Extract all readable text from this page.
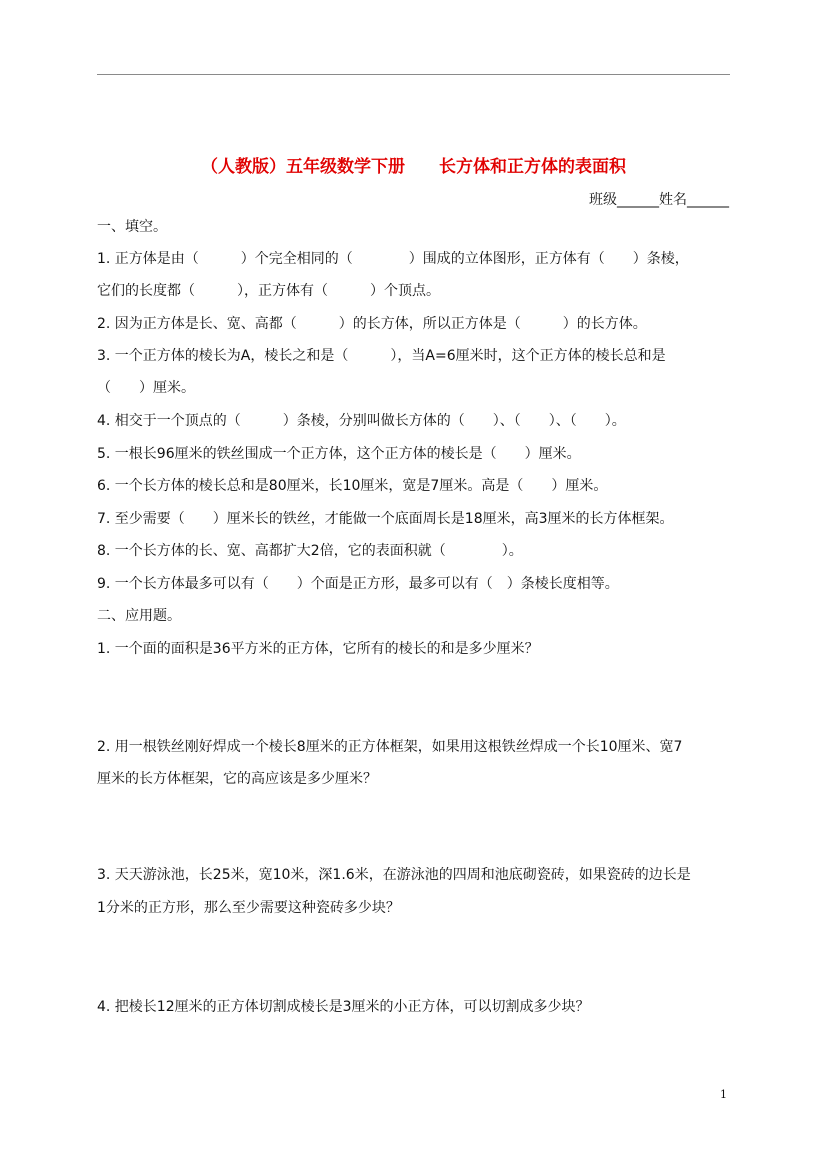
（人教版）五年级数学下册　　长方体和正方体的表面积
班级______姓名______
一、填空。
1. 正方体是由（　　　）个完全相同的（　　　　）围成的立体图形，正方体有（　　）条棱，
它们的长度都（　　　），正方体有（　　　）个顶点。
2. 因为正方体是长、宽、高都（　　　）的长方体，所以正方体是（　　　）的长方体。
3. 一个正方体的棱长为A，棱长之和是（　　　），当A=6厘米时，这个正方体的棱长总和是
（　　）厘米。
4. 相交于一个顶点的（　　　）条棱，分别叫做长方体的（　　）、（　　）、（　　）。
5. 一根长96厘米的铁丝围成一个正方体，这个正方体的棱长是（　　）厘米。
6. 一个长方体的棱长总和是80厘米，长10厘米，宽是7厘米。高是（　　）厘米。
7. 至少需要（　　）厘米长的铁丝，才能做一个底面周长是18厘米，高3厘米的长方体框架。
8. 一个长方体的长、宽、高都扩大2倍，它的表面积就（　　　　）。
9. 一个长方体最多可以有（　　）个面是正方形，最多可以有（　）条棱长度相等。
二、应用题。
1. 一个面的面积是36平方米的正方体，它所有的棱长的和是多少厘米？
2. 用一根铁丝刚好焊成一个棱长8厘米的正方体框架，如果用这根铁丝焊成一个长10厘米、宽7
厘米的长方体框架，它的高应该是多少厘米？
3. 天天游泳池，长25米，宽10米，深1.6米，在游泳池的四周和池底砌瓷砖，如果瓷砖的边长是
1分米的正方形，那么至少需要这种瓷砖多少块？
4. 把棱长12厘米的正方体切割成棱长是3厘米的小正方体，可以切割成多少块？
1
